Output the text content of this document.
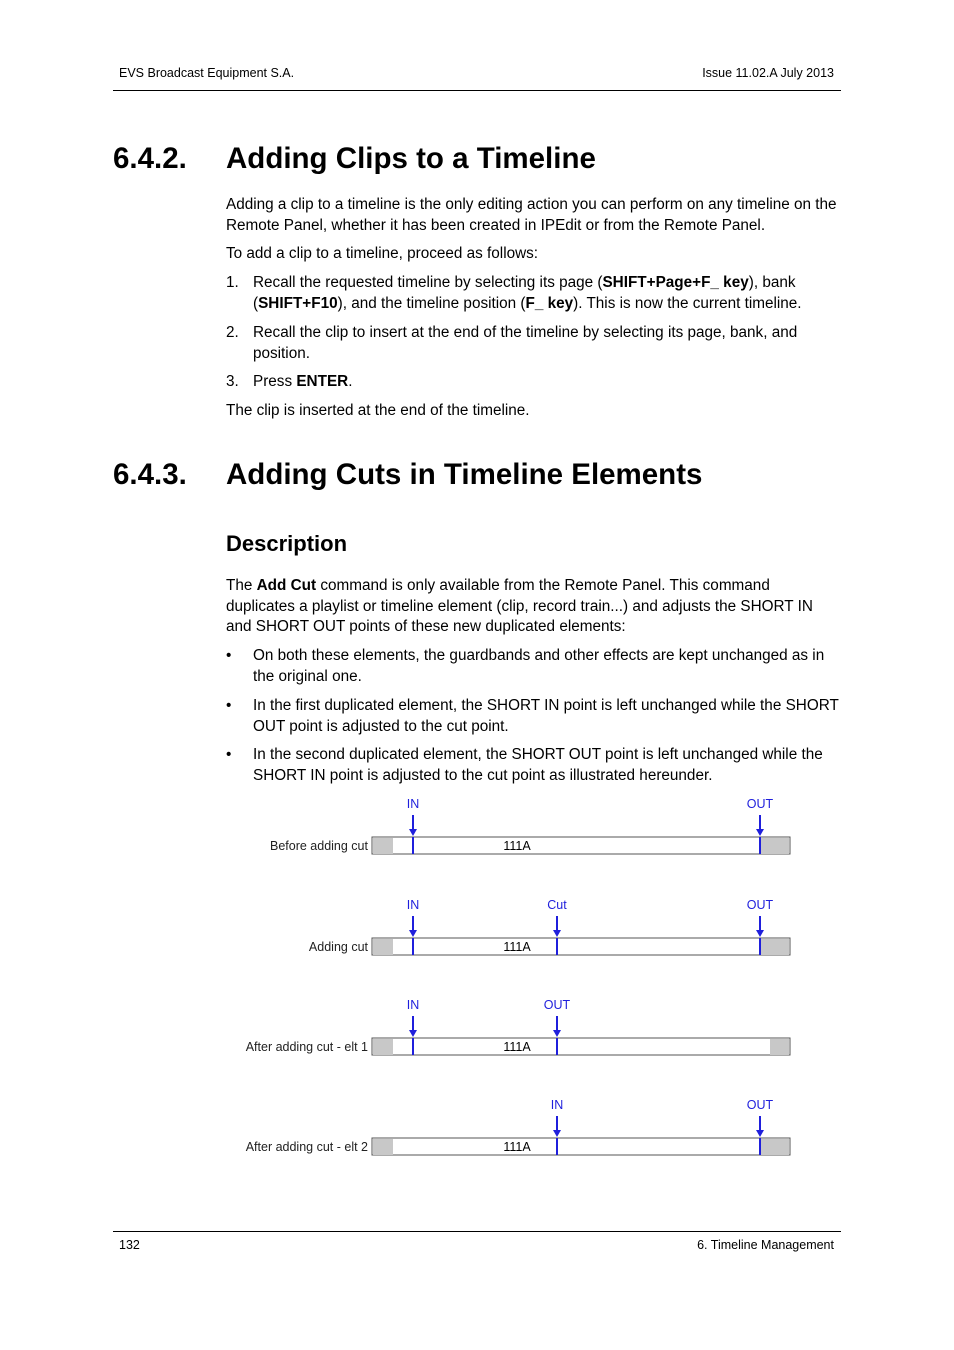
EVS Broadcast Equipment S.A.	Issue 11.02.A July 2013
6.4.2. Adding Clips to a Timeline
Adding a clip to a timeline is the only editing action you can perform on any timeline on the Remote Panel, whether it has been created in IPEdit or from the Remote Panel.
To add a clip to a timeline, proceed as follows:
1. Recall the requested timeline by selecting its page (SHIFT+Page+F_ key), bank (SHIFT+F10), and the timeline position (F_ key). This is now the current timeline.
2. Recall the clip to insert at the end of the timeline by selecting its page, bank, and position.
3. Press ENTER.
The clip is inserted at the end of the timeline.
6.4.3. Adding Cuts in Timeline Elements
Description
The Add Cut command is only available from the Remote Panel. This command duplicates a playlist or timeline element (clip, record train...) and adjusts the SHORT IN and SHORT OUT points of these new duplicated elements:
• On both these elements, the guardbands and other effects are kept unchanged as in the original one.
• In the first duplicated element, the SHORT IN point is left unchanged while the SHORT OUT point is adjusted to the cut point.
• In the second duplicated element, the SHORT OUT point is left unchanged while the SHORT IN point is adjusted to the cut point as illustrated hereunder.
Before adding cut	111A
IN	OUT
Adding cut	111A
IN	Cut	OUT
After adding cut - elt 1	111A
IN	OUT
After adding cut - elt 2	111A
IN	OUT
132	6. Timeline Management
